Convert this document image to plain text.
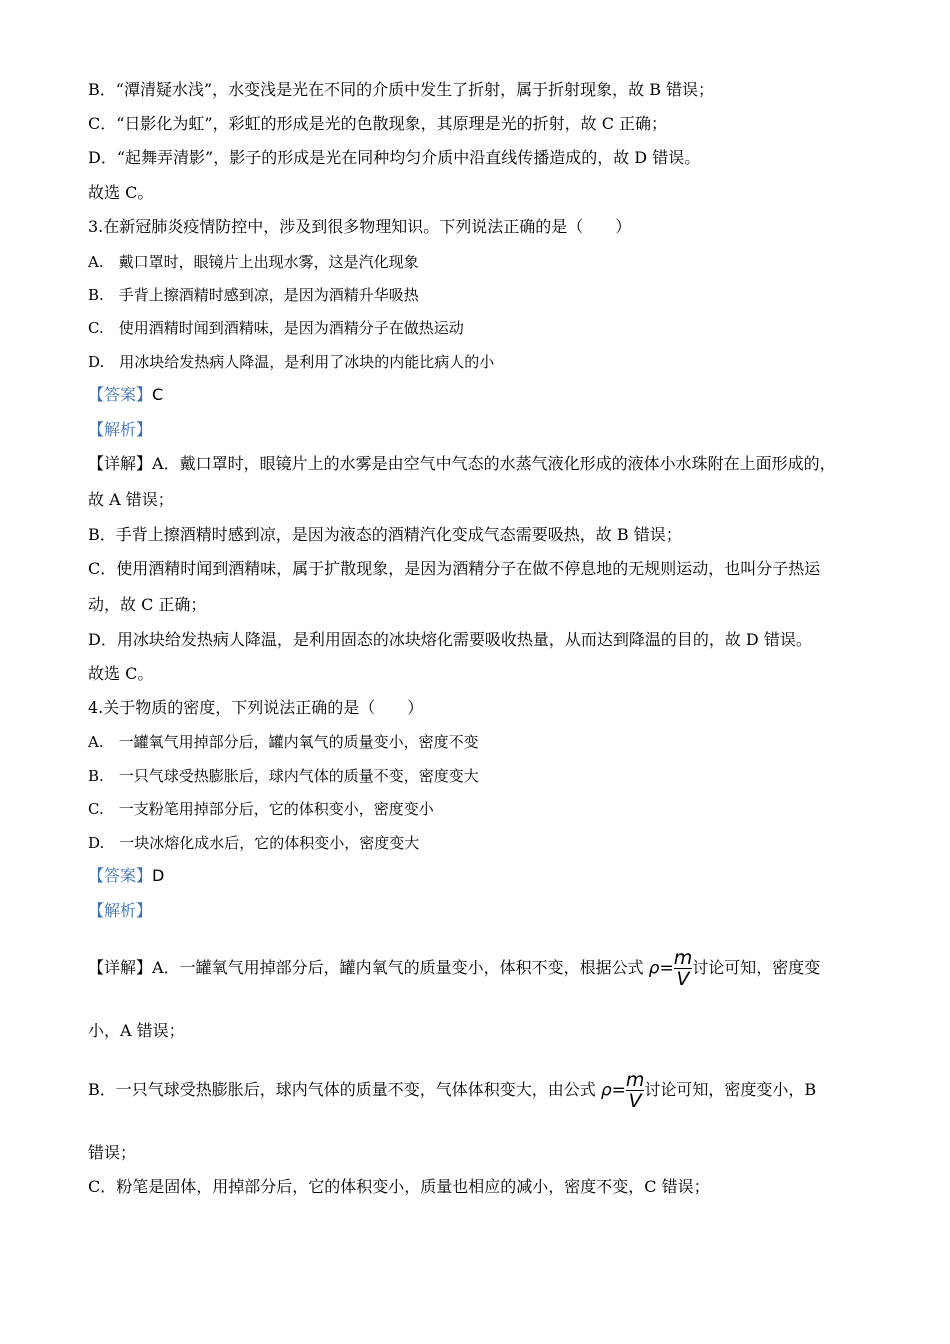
B．“潭清疑水浅”，水变浅是光在不同的介质中发生了折射，属于折射现象，故 B 错误；
C．“日影化为虹”，彩虹的形成是光的色散现象，其原理是光的折射，故 C 正确；
D．“起舞弄清影”，影子的形成是光在同种均匀介质中沿直线传播造成的，故 D 错误。
故选 C。
3.在新冠肺炎疫情防控中，涉及到很多物理知识。下列说法正确的是（　　）
A.　戴口罩时，眼镜片上出现水雾，这是汽化现象
B.　手背上擦酒精时感到凉，是因为酒精升华吸热
C.　使用酒精时闻到酒精味，是因为酒精分子在做热运动
D.　用冰块给发热病人降温，是利用了冰块的内能比病人的小
【答案】C
【解析】
【详解】A．戴口罩时，眼镜片上的水雾是由空气中气态的水蒸气液化形成的液体小水珠附在上面形成的，
故 A 错误；
B．手背上擦酒精时感到凉，是因为液态的酒精汽化变成气态需要吸热，故 B 错误；
C．使用酒精时闻到酒精味，属于扩散现象，是因为酒精分子在做不停息地的无规则运动，也叫分子热运
动，故 C 正确；
D．用冰块给发热病人降温，是利用固态的冰块熔化需要吸收热量，从而达到降温的目的，故 D 错误。
故选 C。
4.关于物质的密度，下列说法正确的是（　　）
A.　一罐氧气用掉部分后，罐内氧气的质量变小，密度不变
B.　一只气球受热膨胀后，球内气体的质量不变，密度变大
C.　一支粉笔用掉部分后，它的体积变小，密度变小
D.　一块冰熔化成水后，它的体积变小，密度变大
【答案】D
【解析】
【详解】A．一罐氧气用掉部分后，罐内氧气的质量变小，体积不变，根据公式 $\rho= \frac{m}{V}$ 讨论可知，密度变
小，A 错误；
B．一只气球受热膨胀后，球内气体的质量不变，气体体积变大，由公式 $\rho= \frac{m}{V}$ 讨论可知，密度变小，B
错误；
C．粉笔是固体，用掉部分后，它的体积变小，质量也相应的减小，密度不变，C 错误；
